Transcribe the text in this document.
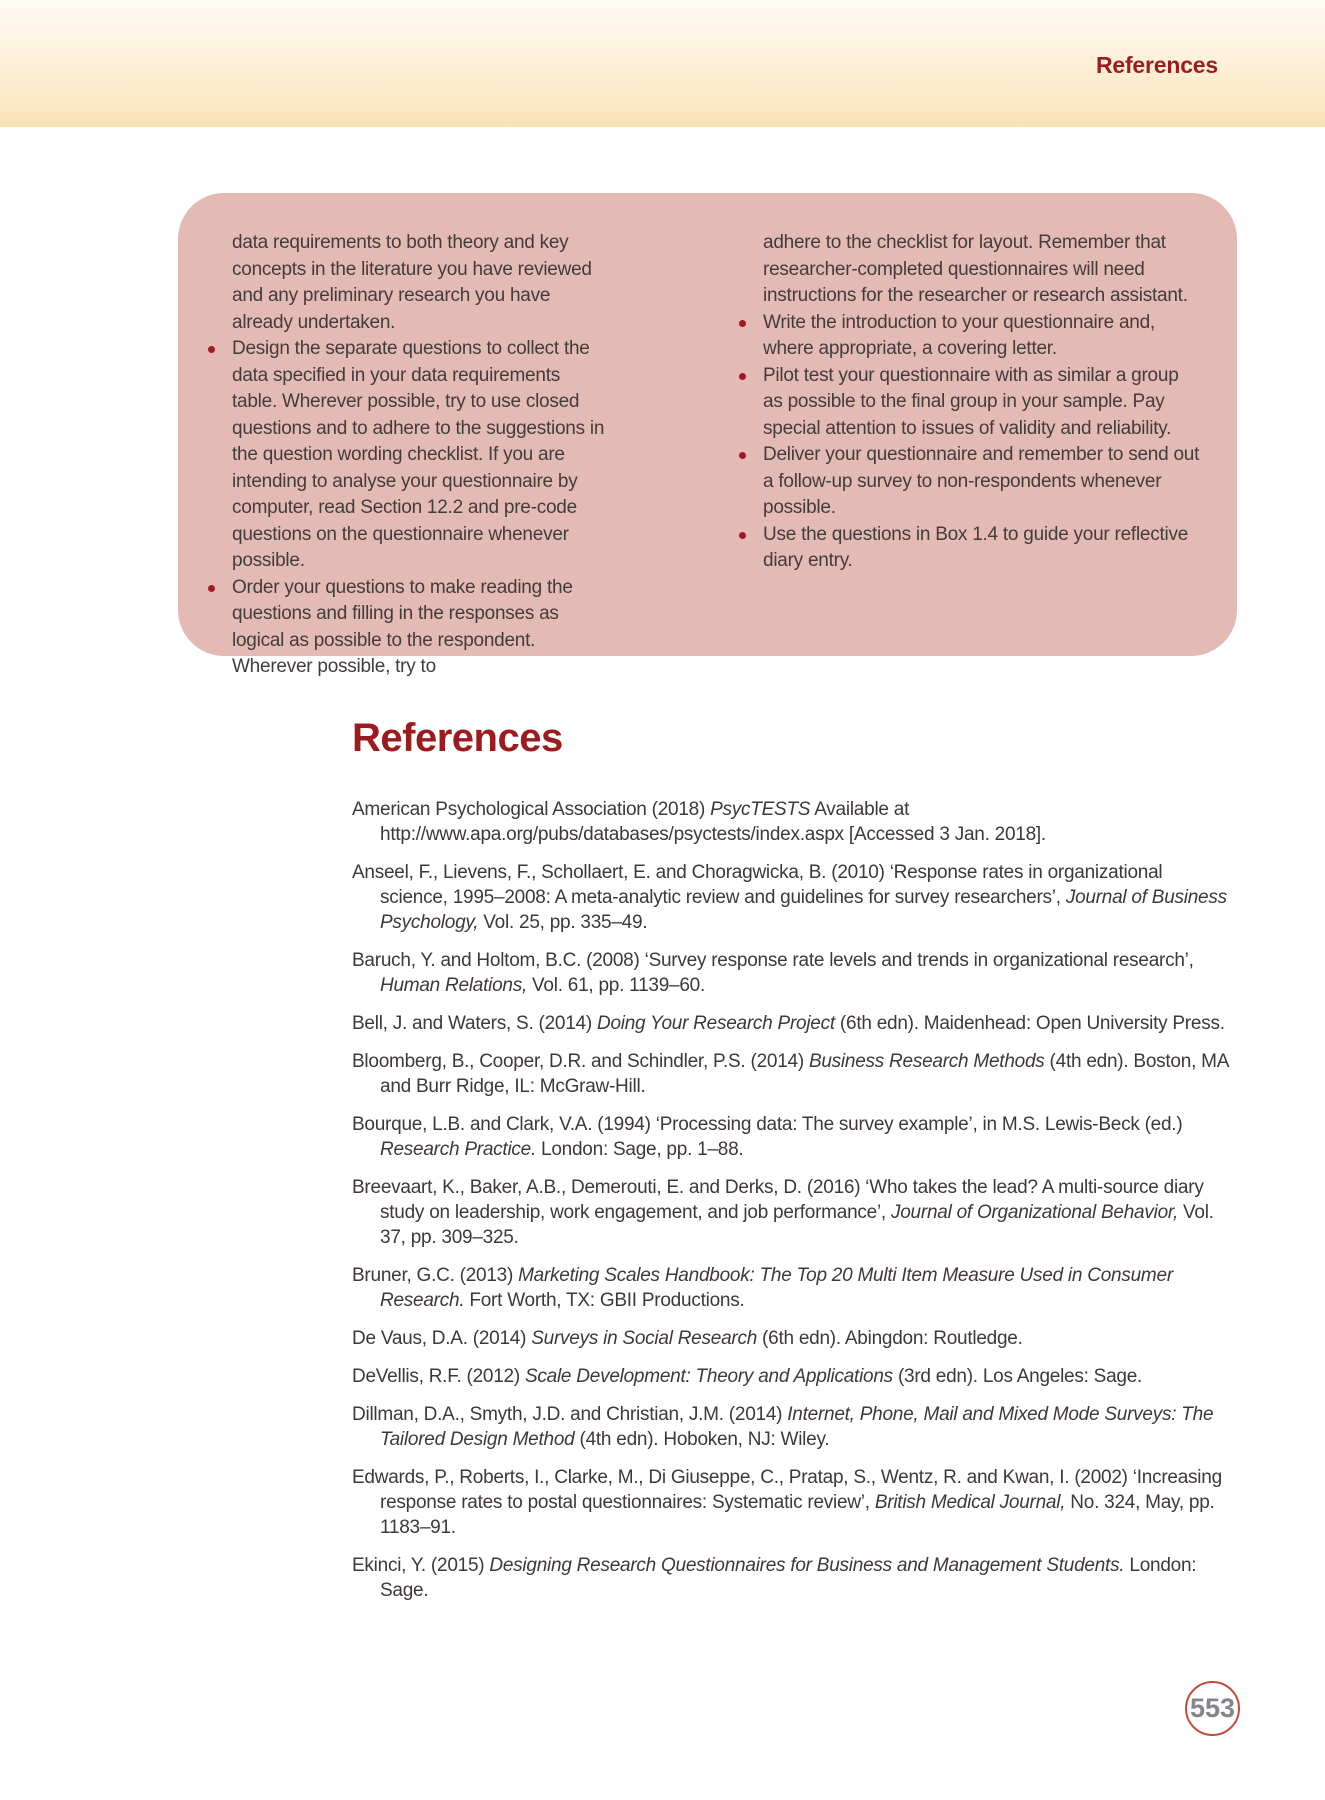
References
data requirements to both theory and key concepts in the literature you have reviewed and any preliminary research you have already undertaken.
Design the separate questions to collect the data specified in your data requirements table. Wherever possible, try to use closed questions and to adhere to the suggestions in the question wording checklist. If you are intending to analyse your questionnaire by computer, read Section 12.2 and pre-code questions on the questionnaire whenever possible.
Order your questions to make reading the questions and filling in the responses as logical as possible to the respondent. Wherever possible, try to
adhere to the checklist for layout. Remember that researcher-completed questionnaires will need instructions for the researcher or research assistant.
Write the introduction to your questionnaire and, where appropriate, a covering letter.
Pilot test your questionnaire with as similar a group as possible to the final group in your sample. Pay special attention to issues of validity and reliability.
Deliver your questionnaire and remember to send out a follow-up survey to non-respondents whenever possible.
Use the questions in Box 1.4 to guide your reflective diary entry.
References

American Psychological Association (2018) PsycTESTS Available at http://www.apa.org/pubs/databases/psyctests/index.aspx [Accessed 3 Jan. 2018].

Anseel, F., Lievens, F., Schollaert, E. and Choragwicka, B. (2010) ‘Response rates in organizational science, 1995–2008: A meta-analytic review and guidelines for survey researchers’, Journal of Business Psychology, Vol. 25, pp. 335–49.

Baruch, Y. and Holtom, B.C. (2008) ‘Survey response rate levels and trends in organizational research’, Human Relations, Vol. 61, pp. 1139–60.

Bell, J. and Waters, S. (2014) Doing Your Research Project (6th edn). Maidenhead: Open University Press.

Bloomberg, B., Cooper, D.R. and Schindler, P.S. (2014) Business Research Methods (4th edn). Boston, MA and Burr Ridge, IL: McGraw-Hill.

Bourque, L.B. and Clark, V.A. (1994) ‘Processing data: The survey example’, in M.S. Lewis-Beck (ed.) Research Practice. London: Sage, pp. 1–88.

Breevaart, K., Baker, A.B., Demerouti, E. and Derks, D. (2016) ‘Who takes the lead? A multi-source diary study on leadership, work engagement, and job performance’, Journal of Organizational Behavior, Vol. 37, pp. 309–325.

Bruner, G.C. (2013) Marketing Scales Handbook: The Top 20 Multi Item Measure Used in Consumer Research. Fort Worth, TX: GBII Productions.

De Vaus, D.A. (2014) Surveys in Social Research (6th edn). Abingdon: Routledge.

DeVellis, R.F. (2012) Scale Development: Theory and Applications (3rd edn). Los Angeles: Sage.

Dillman, D.A., Smyth, J.D. and Christian, J.M. (2014) Internet, Phone, Mail and Mixed Mode Surveys: The Tailored Design Method (4th edn). Hoboken, NJ: Wiley.

Edwards, P., Roberts, I., Clarke, M., Di Giuseppe, C., Pratap, S., Wentz, R. and Kwan, I. (2002) ‘Increasing response rates to postal questionnaires: Systematic review’, British Medical Journal, No. 324, May, pp. 1183–91.

Ekinci, Y. (2015) Designing Research Questionnaires for Business and Management Students. London: Sage.

553
